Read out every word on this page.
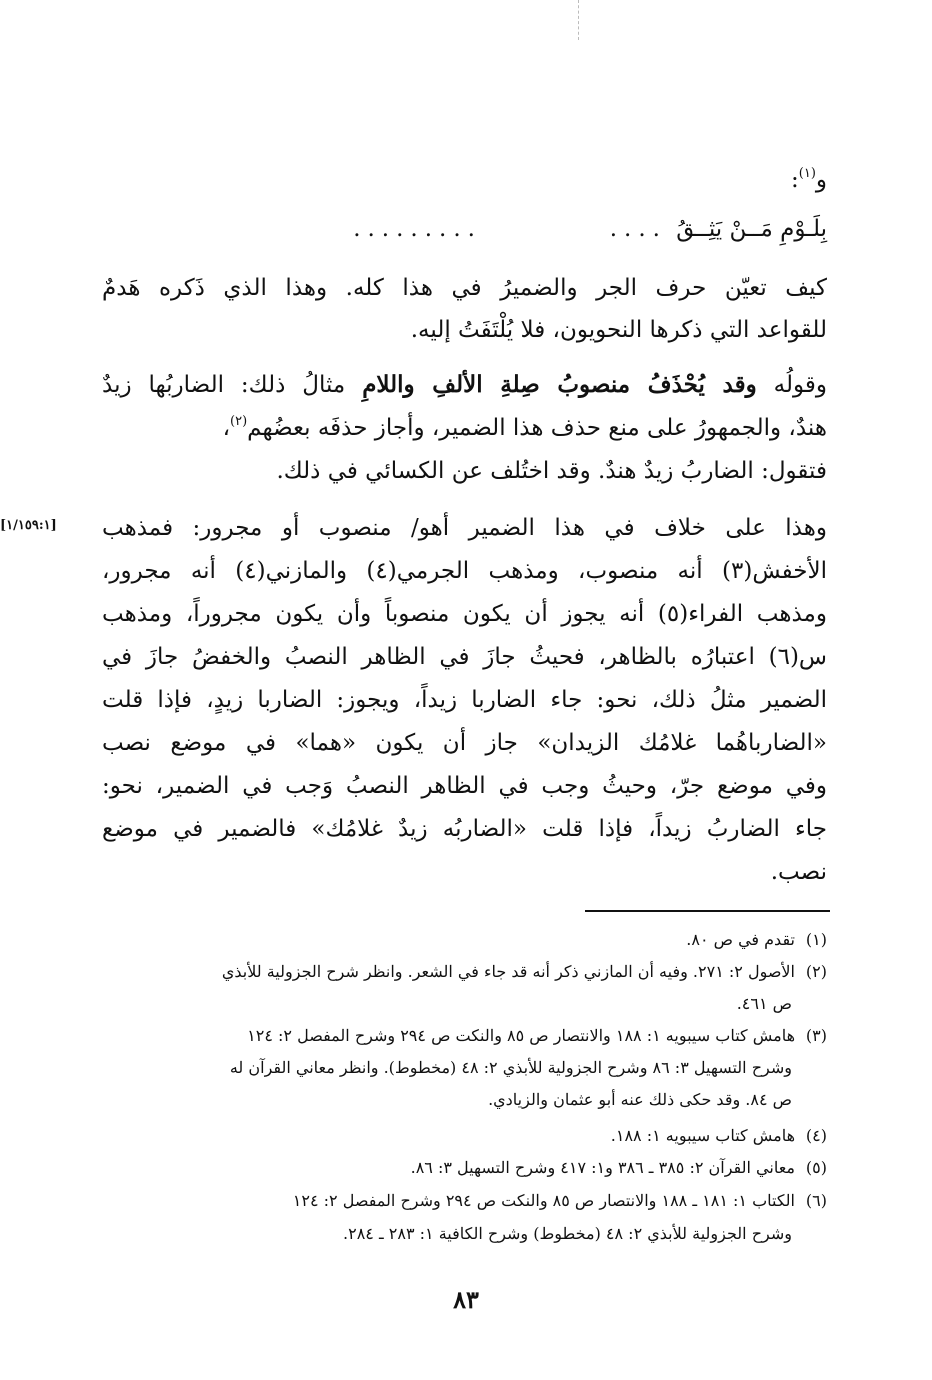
و$^{(١)}$:
بِلَـوْمِ مَــنْ يَثِــقُ
....
.........
كيف تعيّن حرف الجر والضميرُ في هذا كله. وهذا الذي ذَكره هَدمٌ
للقواعد التي ذكرها النحويون، فلا يُلْتَفَتُ إليه.
وقولُه وقد يُحْذَفُ منصوبُ صِلةِ الألفِ واللامِ مثالُ ذلك: الضاربُها زيدٌ
هندٌ، والجمهورُ على منع حذف هذا الضمير، وأجاز حذفَه بعضُهم$^{(٢)}$،
فتقول: الضاربُ زيدٌ هندٌ. وقد اختُلف عن الكسائي في ذلك.
[١/١٥٩:١]	وهذا على خلاف في هذا الضمير أهو/ منصوب أو مجرور: فمذهب
الأخفش(٣) أنه منصوب، ومذهب الجرمي(٤) والمازني(٤) أنه مجرور،
ومذهب الفراء(٥) أنه يجوز أن يكون منصوباً وأن يكون مجروراً، ومذهب
س(٦) اعتبارُه بالظاهر، فحيثُ جازَ في الظاهر النصبُ والخفضُ جازَ في
الضمير مثلُ ذلك، نحو: جاء الضاربا زيداً، ويجوز: الضاربا زيدٍ، فإذا قلت
«الضارباهُما غلامُك الزيدان» جاز أن يكون «هما» في موضع نصب
وفي موضع جرّ، وحيثُ وجب في الظاهر النصبُ وَجب في الضمير، نحو:
جاء الضاربُ زيداً، فإذا قلت «الضاربُه زيدٌ غلامُك» فالضمير في موضع
نصب.
(١)تقدم في ص ٨٠.
(٢)الأصول ٢: ٢٧١. وفيه أن المازني ذكر أنه قد جاء في الشعر. وانظر شرح الجزولية للأبذي
ص ٤٦١.
(٣)هامش كتاب سيبويه ١: ١٨٨ والانتصار ص ٨٥ والنكت ص ٢٩٤ وشرح المفصل ٢: ١٢٤
وشرح التسهيل ٣: ٨٦ وشرح الجزولية للأبذي ٢: ٤٨ (مخطوط). وانظر معاني القرآن له
ص ٨٤. وقد حكى ذلك عنه أبو عثمان والزيادي.
(٤)هامش كتاب سيبويه ١: ١٨٨.
(٥)معاني القرآن ٢: ٣٨٥ ـ ٣٨٦ و١: ٤١٧ وشرح التسهيل ٣: ٨٦.
(٦)الكتاب ١: ١٨١ ـ ١٨٨ والانتصار ص ٨٥ والنكت ص ٢٩٤ وشرح المفصل ٢: ١٢٤
وشرح الجزولية للأبذي ٢: ٤٨ (مخطوط) وشرح الكافية ١: ٢٨٣ ـ ٢٨٤.
٨٣
